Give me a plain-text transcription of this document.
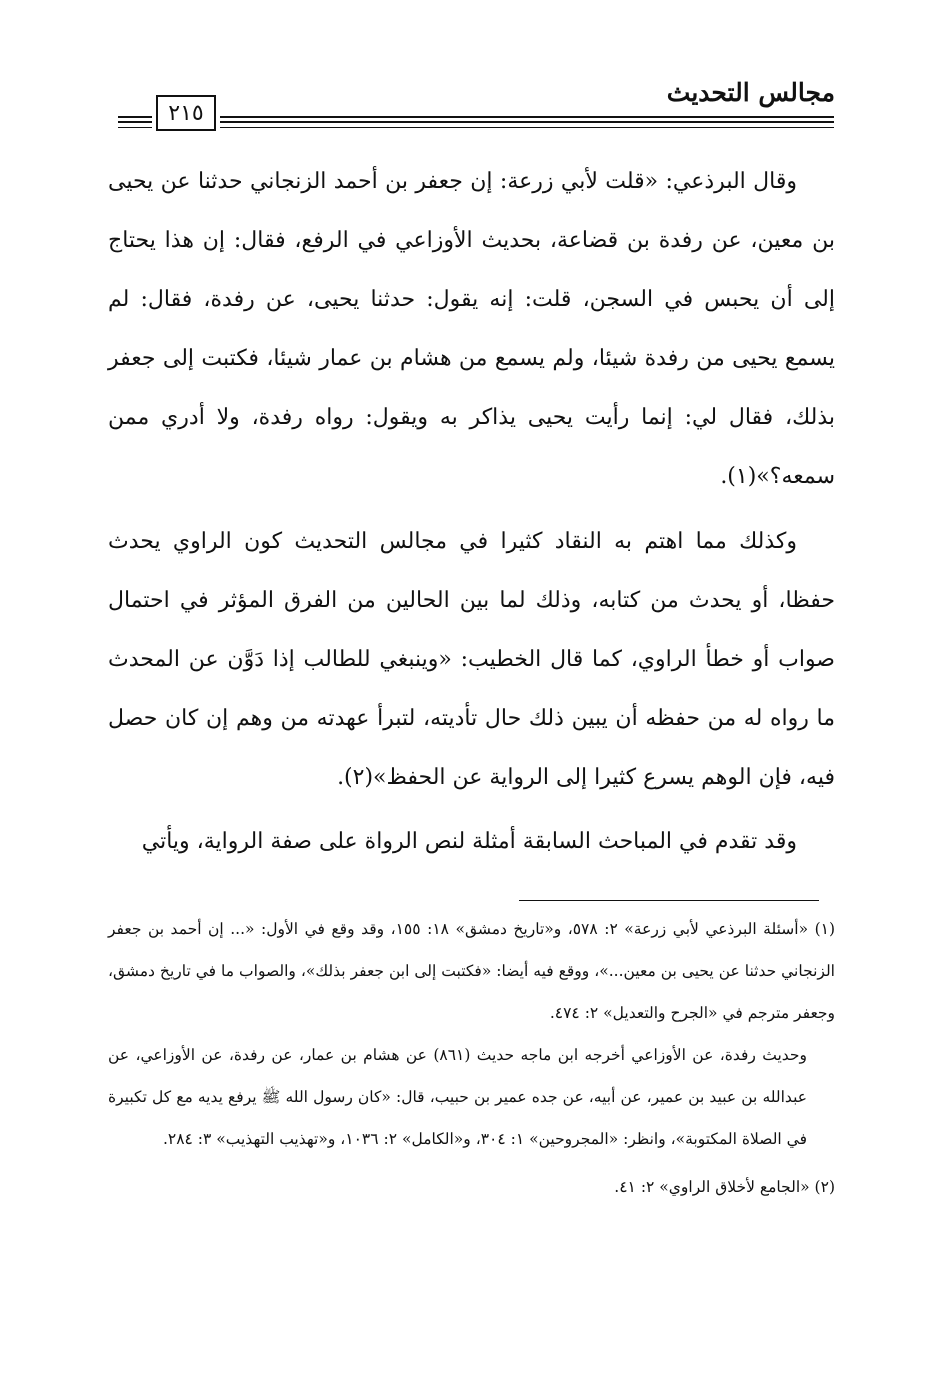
مجالس التحديث
٢١٥

وقال البرذعي: «قلت لأبي زرعة: إن جعفر بن أحمد الزنجاني حدثنا عن يحيى بن معين، عن رفدة بن قضاعة، بحديث الأوزاعي في الرفع، فقال: إن هذا يحتاج إلى أن يحبس في السجن، قلت: إنه يقول: حدثنا يحيى، عن رفدة، فقال: لم يسمع يحيى من رفدة شيئا، ولم يسمع من هشام بن عمار شيئا، فكتبت إلى جعفر بذلك، فقال لي: إنما رأيت يحيى يذاكر به ويقول: رواه رفدة، ولا أدري ممن سمعه؟»(١).

وكذلك مما اهتم به النقاد كثيرا في مجالس التحديث كون الراوي يحدث حفظا، أو يحدث من كتابه، وذلك لما بين الحالين من الفرق المؤثر في احتمال صواب أو خطأ الراوي، كما قال الخطيب: «وينبغي للطالب إذا دَوَّن عن المحدث ما رواه له من حفظه أن يبين ذلك حال تأديته، لتبرأ عهدته من وهم إن كان حصل فيه، فإن الوهم يسرع كثيرا إلى الرواية عن الحفظ»(٢).

وقد تقدم في المباحث السابقة أمثلة لنص الرواة على صفة الرواية، ويأتي

(١) «أسئلة البرذعي لأبي زرعة» ٢: ٥٧٨، و«تاريخ دمشق» ١٨: ١٥٥، وقد وقع في الأول: «... إن أحمد بن جعفر الزنجاني حدثنا عن يحيى بن معين...»، ووقع فيه أيضا: «فكتبت إلى ابن جعفر بذلك»، والصواب ما في تاريخ دمشق، وجعفر مترجم في «الجرح والتعديل» ٢: ٤٧٤.

وحديث رفدة، عن الأوزاعي أخرجه ابن ماجه حديث (٨٦١) عن هشام بن عمار، عن رفدة، عن الأوزاعي، عن عبدالله بن عبيد بن عمير، عن أبيه، عن جده عمير بن حبيب، قال: «كان رسول الله ﷺ يرفع يديه مع كل تكبيرة في الصلاة المكتوبة»، وانظر: «المجروحين» ١: ٣٠٤، و«الكامل» ٢: ١٠٣٦، و«تهذيب التهذيب» ٣: ٢٨٤.

(٢) «الجامع لأخلاق الراوي» ٢: ٤١.
